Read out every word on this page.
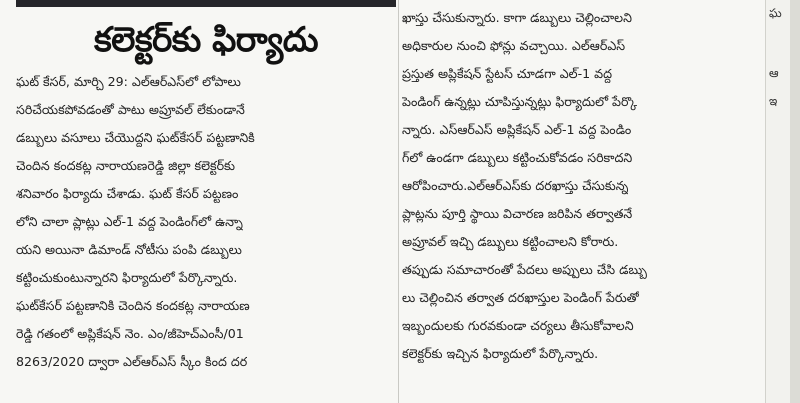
కలెక్టర్‌కు ఫిర్యాదు
ఘట్ కేసర్, మార్చి 29: ఎల్ఆర్ఎస్‌లో లోపాలు
సరిచేయకపోవడంతో పాటు అప్రూవల్ లేకుండానే
డబ్బులు వసూలు చేయొద్దని ఘట్‌కేసర్ పట్టణానికి
చెందిన కందకట్ల నారాయణరెడ్డి జిల్లా కలెక్టర్‌కు
శనివారం ఫిర్యాదు చేశాడు. ఘట్ కేసర్ పట్టణం
లోని చాలా ప్లాట్లు ఎల్-1 వద్ద పెండింగ్‌లో ఉన్నా
యని అయినా డిమాండ్ నోటీసు పంపి డబ్బులు
కట్టించుకుంటున్నారని ఫిర్యాదులో పేర్కొన్నారు.
ఘట్‌కేసర్ పట్టణానికి చెందిన కందకట్ల నారాయణ
రెడ్డి గతంలో అప్లికేషన్ నెం. ఎం/జీహెచ్ఎంసీ/01
8263/2020 ద్వారా ఎల్ఆర్ఎస్ స్కీం కింద దర
ఖాస్తు చేసుకున్నారు. కాగా డబ్బులు చెల్లించాలని
అధికారుల నుంచి ఫోన్లు వచ్చాయి. ఎల్ఆర్ఎస్
ప్రస్తుత అప్లికేషన్ స్టేటస్ చూడగా ఎల్-1 వద్ద
పెండింగ్ ఉన్నట్లు చూపిస్తున్నట్లు ఫిర్యాదులో పేర్కొ
న్నారు. ఎస్ఆర్ఎస్ అప్లికేషన్ ఎల్-1 వద్ద పెండిం
గ్‌లో ఉండగా డబ్బులు కట్టించుకోవడం సరికాదని
ఆరోపించారు.ఎల్ఆర్ఎస్‌కు దరఖాస్తు చేసుకున్న
ప్లాట్లను పూర్తి స్థాయి విచారణ జరిపిన తర్వాతనే
అప్రూవల్ ఇచ్చి డబ్బులు కట్టించాలని కోరారు.
తప్పుడు సమాచారంతో పేదలు అప్పులు చేసి డబ్బు
లు చెల్లించిన తర్వాత దరఖాస్తుల పెండింగ్ పేరుతో
ఇబ్బందులకు గురవకుండా చర్యలు తీసుకోవాలని
కలెక్టర్‌కు ఇచ్చిన ఫిర్యాదులో పేర్కొన్నారు.
ఘ
ఆ
ఇ
